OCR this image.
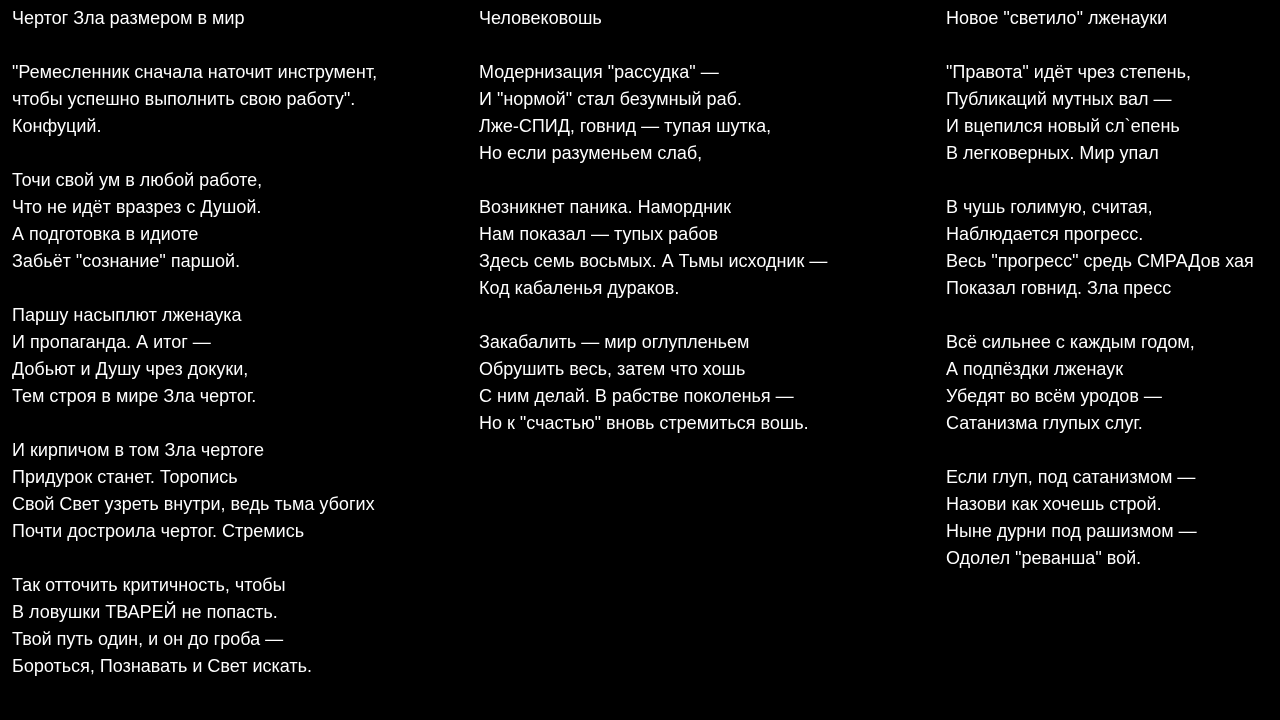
Чертог Зла размером в мир
"Ремесленник сначала наточит инструмент,
чтобы успешно выполнить свою работу".
Конфуций.
Точи свой ум в любой работе,
Что не идёт вразрез с Душой.
А подготовка в идиоте
Забьёт "сознание" паршой.
Паршу насыплют лженаука
И пропаганда. А итог —
Добьют и Душу чрез докуки,
Тем строя в мире Зла чертог.
И кирпичом в том Зла чертоге
Придурок станет. Торопись
Свой Свет узреть внутри, ведь тьма убогих
Почти достроила чертог. Стремись
Так отточить критичность, чтобы
В ловушки ТВАРЕЙ не попасть.
Твой путь один, и он до гроба —
Бороться, Познавать и Свет искать.
Человековошь
Модернизация "рассудка" —
И "нормой" стал безумный раб.
Лже-СПИД, говнид — тупая шутка,
Но если разуменьем слаб,
Возникнет паника. Намордник
Нам показал — тупых рабов
Здесь семь восьмых. А Тьмы исходник —
Код кабаленья дураков.
Закабалить — мир оглупленьем
Обрушить весь, затем что хошь
С ним делай. В рабстве поколенья —
Но к "счастью" вновь стремиться вошь.
Новое "светило" лженауки
"Правота" идёт чрез степень,
Публикаций мутных вал —
И вцепился новый сл`епень
В легковерных. Мир упал
В чушь голимую, считая,
Наблюдается прогресс.
Весь "прогресс" средь СМРАДов хая
Показал говнид. Зла пресс
Всё сильнее с каждым годом,
А подпёздки лженаук
Убедят во всём уродов —
Сатанизма глупых слуг.
Если глуп, под сатанизмом —
Назови как хочешь строй.
Ныне дурни под рашизмом —
Одолел "реванша" вой.
